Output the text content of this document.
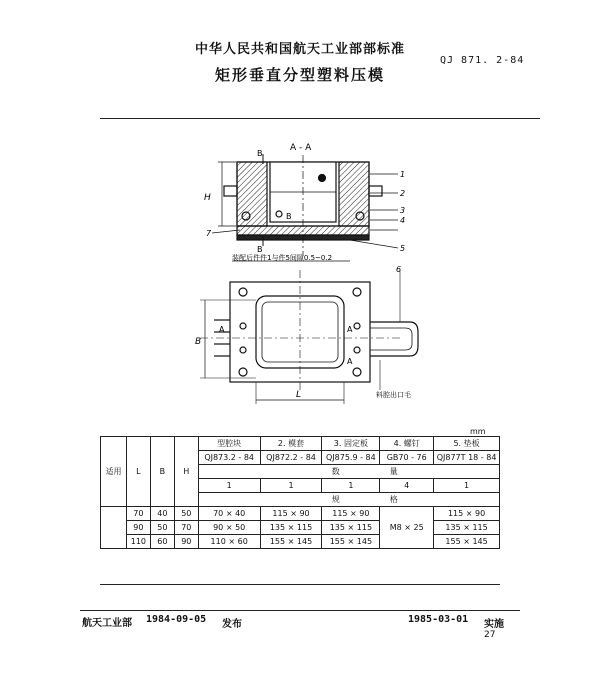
中华人民共和国航天工业部部标准
QJ 871. 2-84
矩形垂直分型塑料压模
A - A
B
B
B
H
1
2
3
4
5
6
7
装配后件件1与件5间隙0.5~0.2
B
A	A
A
L	料腔出口毛
mm
适用	L	B	H	型腔块	2. 模套	3. 固定板	4. 螺钉	5. 垫板
				QJ873.2 - 84	QJ872.2 - 84	QJ875.9 - 84	GB70 - 76	QJ877T 18 - 84
				数			量	
				1	1	1	4	1
				规			格	
	70	40	50	70 × 40	115 × 90	115 × 90	M8 × 25	115 × 90
	90	50	70	90 × 50	135 × 115	135 × 115		135 × 115
	110	60	90	110 × 60	155 × 145	155 × 145		155 × 145
航天工业部 1984-09-05 发布	1985-03-01 实施
27
